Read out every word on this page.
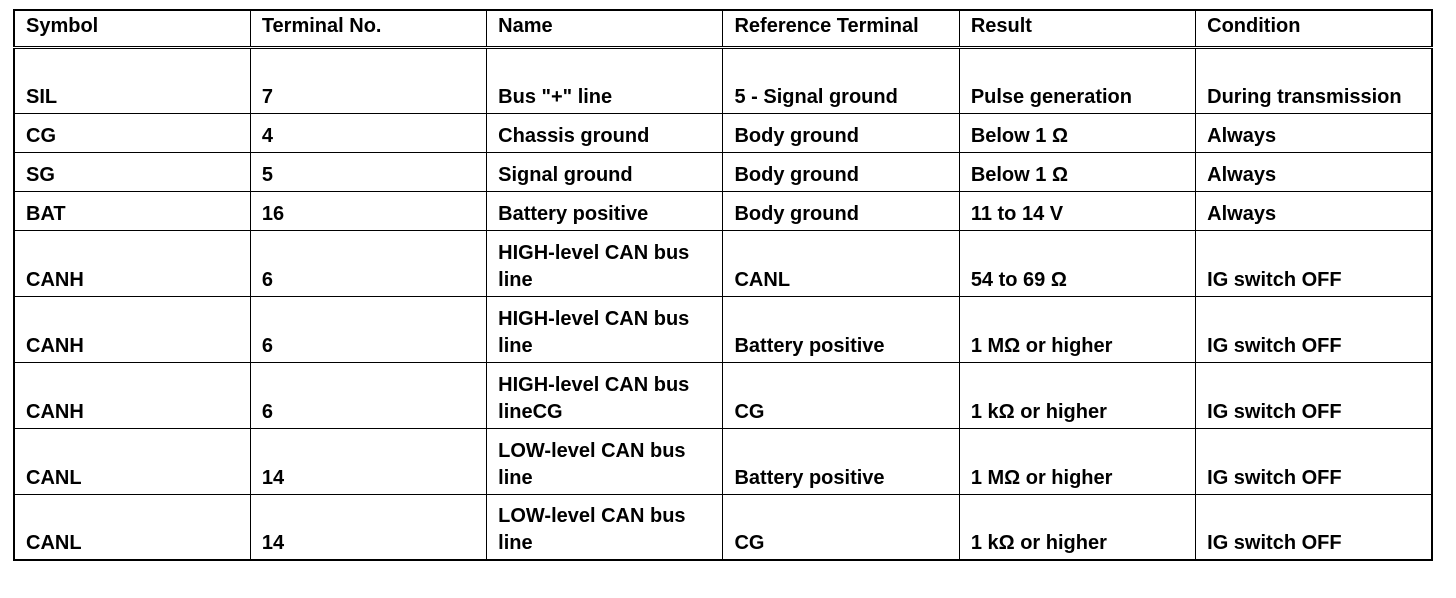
Symbol	Terminal No.	Name	Reference Terminal	Result	Condition
SIL	7	Bus "+" line	5 - Signal ground	Pulse generation	During transmission
CG	4	Chassis ground	Body ground	Below 1 Ω	Always
SG	5	Signal ground	Body ground	Below 1 Ω	Always
BAT	16	Battery positive	Body ground	11 to 14 V	Always
CANH	6	HIGH-level CAN bus line	CANL	54 to 69 Ω	IG switch OFF
CANH	6	HIGH-level CAN bus line	Battery positive	1 MΩ or higher	IG switch OFF
CANH	6	HIGH-level CAN bus lineCG	CG	1 kΩ or higher	IG switch OFF
CANL	14	LOW-level CAN bus line	Battery positive	1 MΩ or higher	IG switch OFF
CANL	14	LOW-level CAN bus line	CG	1 kΩ or higher	IG switch OFF
